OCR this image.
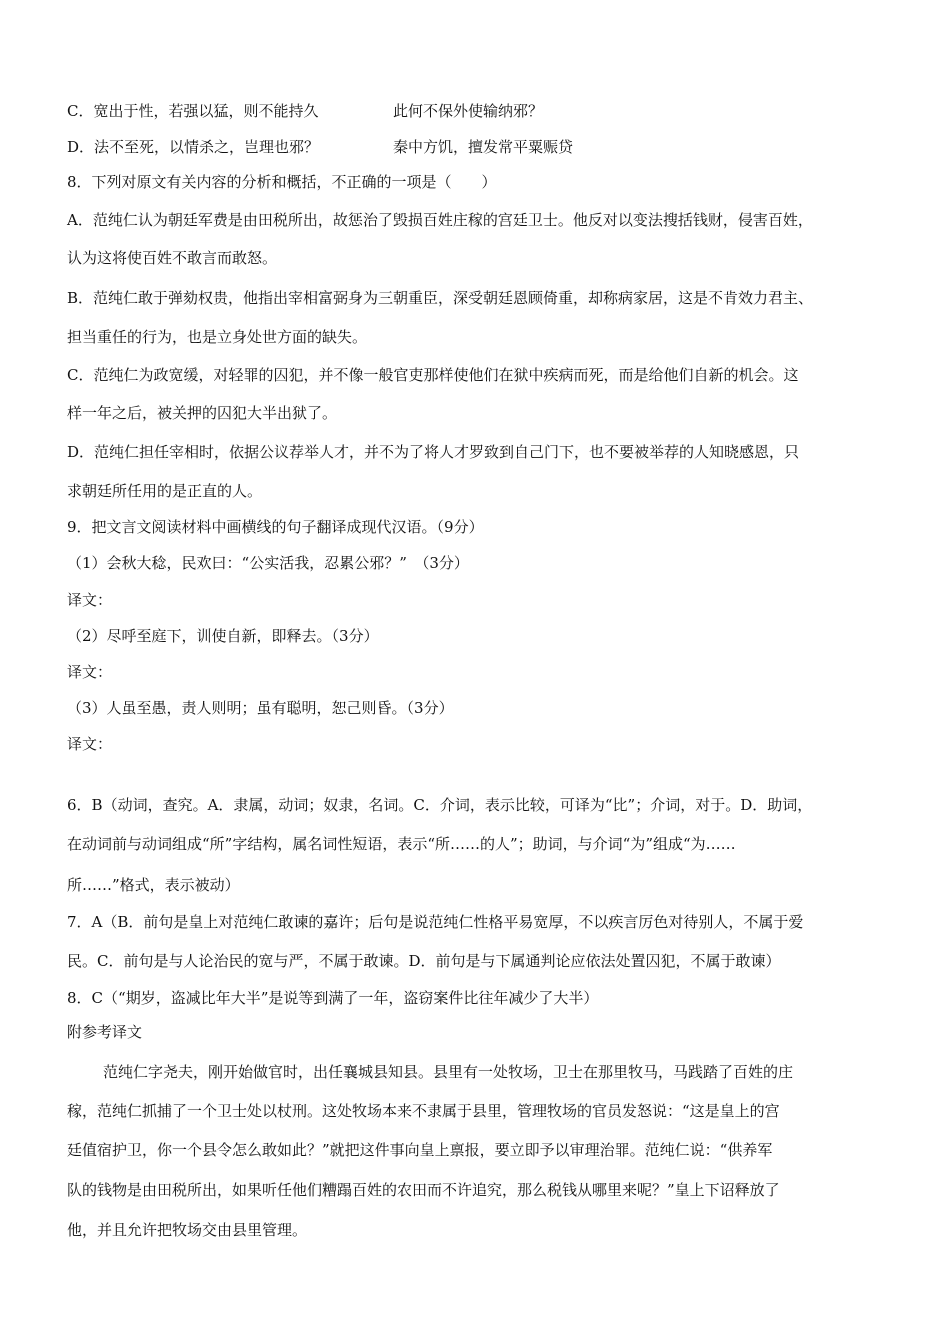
C．宽出于性，若强以猛，则不能持久	此何不保外使输纳邪？
D．法不至死，以情杀之，岂理也邪？	秦中方饥，擅发常平粟赈贷
8．下列对原文有关内容的分析和概括，不正确的一项是（　　）
A．范纯仁认为朝廷军费是由田税所出，故惩治了毁损百姓庄稼的宫廷卫士。他反对以变法搜括钱财，侵害百姓，
认为这将使百姓不敢言而敢怒。
B．范纯仁敢于弹劾权贵，他指出宰相富弼身为三朝重臣，深受朝廷恩顾倚重，却称病家居，这是不肯效力君主、
担当重任的行为，也是立身处世方面的缺失。
C．范纯仁为政宽缓，对轻罪的囚犯，并不像一般官吏那样使他们在狱中疾病而死，而是给他们自新的机会。这
样一年之后，被关押的囚犯大半出狱了。
D．范纯仁担任宰相时，依据公议荐举人才，并不为了将人才罗致到自己门下，也不要被举荐的人知晓感恩，只
求朝廷所任用的是正直的人。
9．把文言文阅读材料中画横线的句子翻译成现代汉语。（9分）
（1）会秋大稔，民欢曰：“公实活我，忍累公邪？”　（3分）
译文：
（2）尽呼至庭下，训使自新，即释去。（3分）
译文：
（3）人虽至愚，责人则明；虽有聪明，恕己则昏。（3分）
译文：
6．B（动词，查究。A．隶属，动词；奴隶，名词。C．介词，表示比较，可译为“比”；介词，对于。D．助词，
在动词前与动词组成“所”字结构，属名词性短语，表示“所……的人”；助词，与介词“为”组成“为……
所……”格式，表示被动）
7．A（B．前句是皇上对范纯仁敢谏的嘉许；后句是说范纯仁性格平易宽厚，不以疾言厉色对待别人，不属于爱
民。C．前句是与人论治民的宽与严，不属于敢谏。D．前句是与下属通判论应依法处置囚犯，不属于敢谏）
8．C（“期岁，盗减比年大半”是说等到满了一年，盗窃案件比往年减少了大半）
附参考译文
范纯仁字尧夫，刚开始做官时，出任襄城县知县。县里有一处牧场，卫士在那里牧马，马践踏了百姓的庄
稼，范纯仁抓捕了一个卫士处以杖刑。这处牧场本来不隶属于县里，管理牧场的官员发怒说：“这是皇上的宫
廷值宿护卫，你一个县令怎么敢如此？”就把这件事向皇上禀报，要立即予以审理治罪。范纯仁说：“供养军
队的钱物是由田税所出，如果听任他们糟蹋百姓的农田而不许追究，那么税钱从哪里来呢？”皇上下诏释放了
他，并且允许把牧场交由县里管理。
